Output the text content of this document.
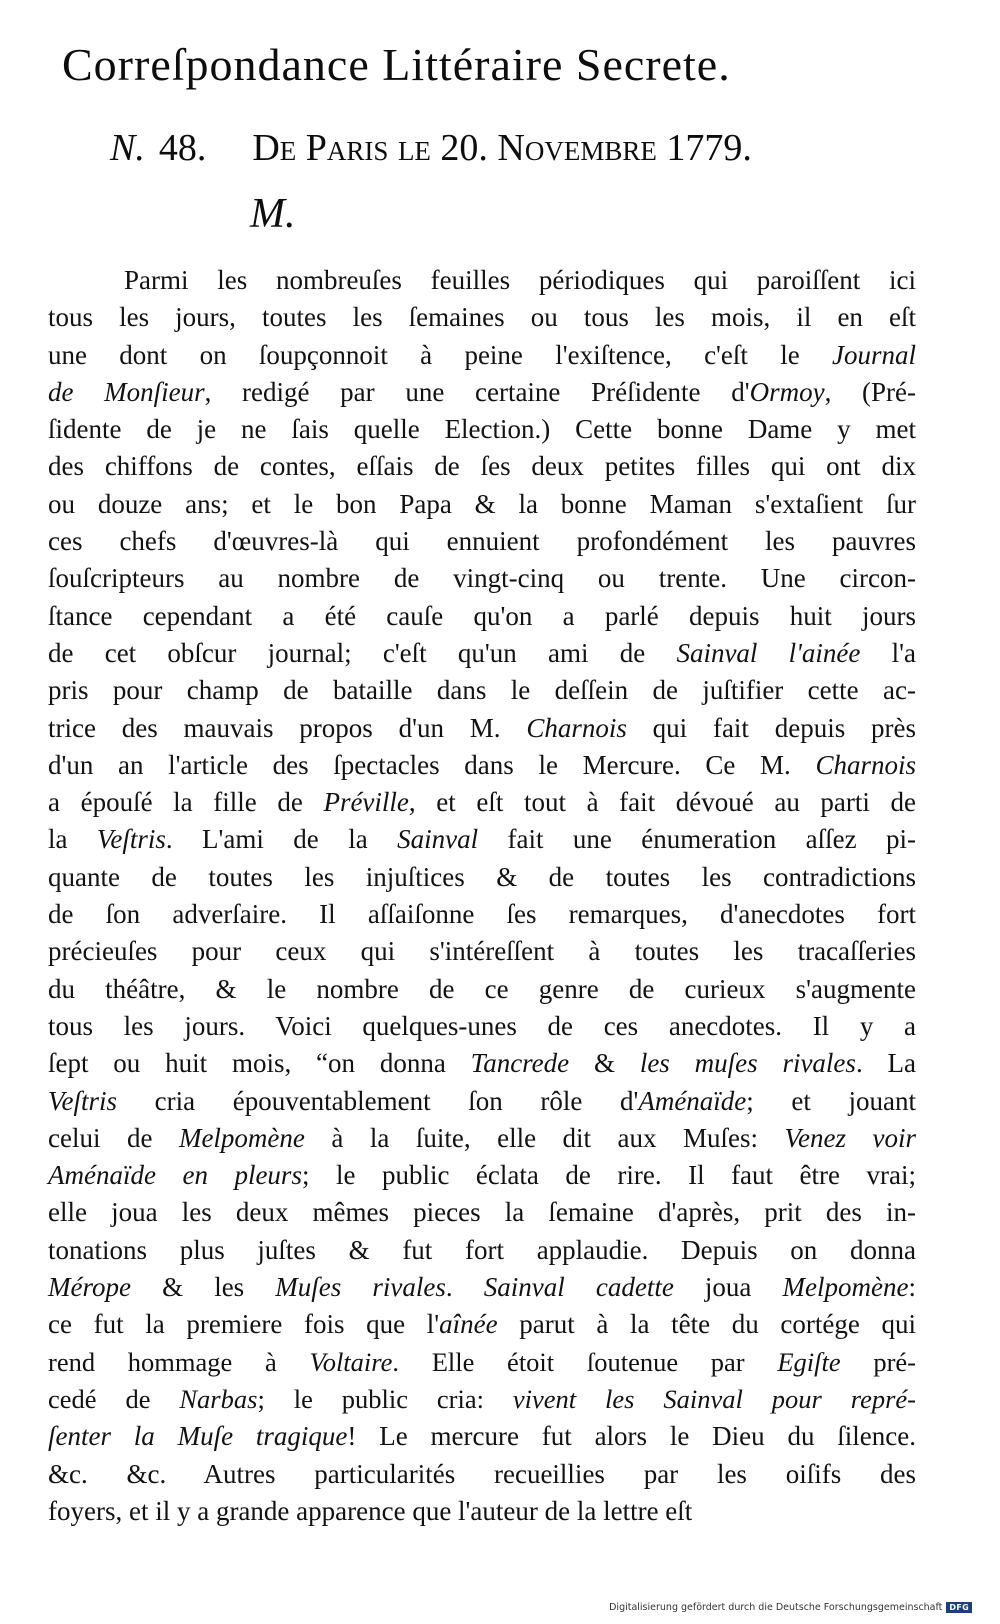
Correſpondance Littéraire Secrete.
N. 48. De Paris le 20. Novembre 1779.
M.
Parmi les nombreuſes feuilles périodiques qui paroiſſent ici
tous les jours, toutes les ſemaines ou tous les mois, il en eſt
une dont on ſoupçonnoit à peine l'exiſtence, c'eſt le Journal
de Monſieur, redigé par une certaine Préſidente d'Ormoy, (Pré-
ſidente de je ne ſais quelle Election.) Cette bonne Dame y met
des chiffons de contes, eſſais de ſes deux petites filles qui ont dix
ou douze ans; et le bon Papa & la bonne Maman s'extaſient ſur
ces chefs d'œuvres-là qui ennuient profondément les pauvres
ſouſcripteurs au nombre de vingt-cinq ou trente. Une circon-
ſtance cependant a été cauſe qu'on a parlé depuis huit jours
de cet obſcur journal; c'eſt qu'un ami de Sainval l'ainée l'a
pris pour champ de bataille dans le deſſein de juſtifier cette ac-
trice des mauvais propos d'un M. Charnois qui fait depuis près
d'un an l'article des ſpectacles dans le Mercure. Ce M. Charnois
a épouſé la fille de Préville, et eſt tout à fait dévoué au parti de
la Veſtris. L'ami de la Sainval fait une énumeration aſſez pi-
quante de toutes les injuſtices & de toutes les contradictions
de ſon adverſaire. Il aſſaiſonne ſes remarques, d'anecdotes fort
précieuſes pour ceux qui s'intéreſſent à toutes les tracaſſeries
du théâtre, & le nombre de ce genre de curieux s'augmente
tous les jours. Voici quelques-unes de ces anecdotes. Il y a
ſept ou huit mois, “on donna Tancrede & les muſes rivales. La
Veſtris cria épouventablement ſon rôle d'Aménaïde; et jouant
celui de Melpomène à la ſuite, elle dit aux Muſes: Venez voir
Aménaïde en pleurs; le public éclata de rire. Il faut être vrai;
elle joua les deux mêmes pieces la ſemaine d'après, prit des in-
tonations plus juſtes & fut fort applaudie. Depuis on donna
Mérope & les Muſes rivales. Sainval cadette joua Melpomène:
ce fut la premiere fois que l'aînée parut à la tête du cortége qui
rend hommage à Voltaire. Elle étoit ſoutenue par Egiſte pré-
cedé de Narbas; le public cria: vivent les Sainval pour repré-
ſenter la Muſe tragique! Le mercure fut alors le Dieu du ſilence.
&c. &c. Autres particularités recueillies par les oiſifs des
foyers, et il y a grande apparence que l'auteur de la lettre eſt
Digitalisierung gefördert durch die Deutsche Forschungsgemeinschaft DFG
